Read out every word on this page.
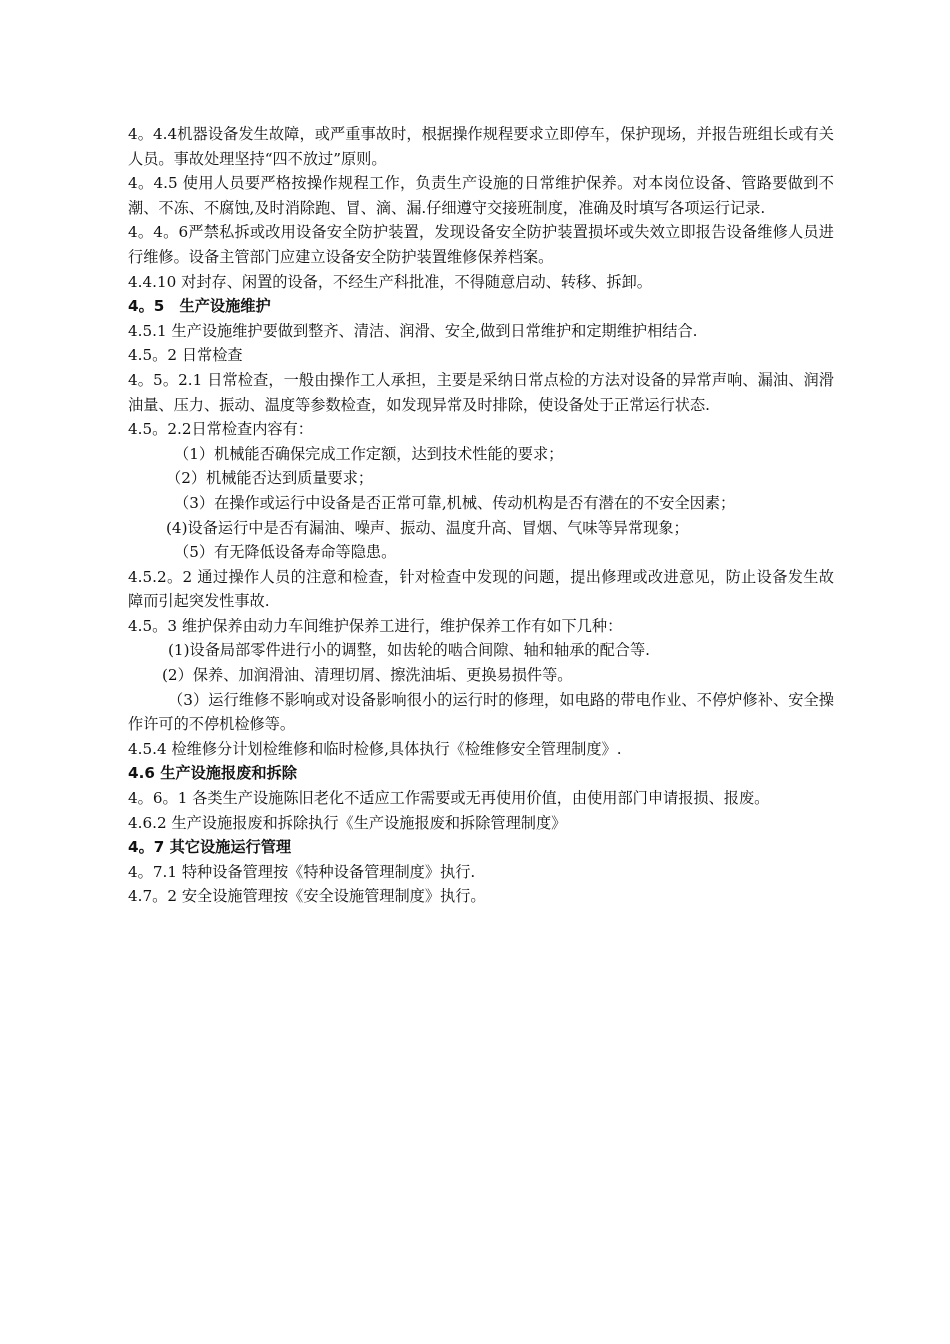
4。4.4机器设备发生故障，或严重事故时，根据操作规程要求立即停车，保护现场，并报告班组长或有关人员。事故处理坚持“四不放过”原则。

4。4.5 使用人员要严格按操作规程工作，负责生产设施的日常维护保养。对本岗位设备、管路要做到不潮、不冻、不腐蚀,及时消除跑、冒、滴、漏.仔细遵守交接班制度，准确及时填写各项运行记录.

4。4。6严禁私拆或改用设备安全防护装置，发现设备安全防护装置损坏或失效立即报告设备维修人员进行维修。设备主管部门应建立设备安全防护装置维修保养档案。

4.4.10 对封存、闲置的设备，不经生产科批准，不得随意启动、转移、拆卸。

4。5　生产设施维护

4.5.1 生产设施维护要做到整齐、清洁、润滑、安全,做到日常维护和定期维护相结合.

4.5。2 日常检查

4。5。2.1 日常检查，一般由操作工人承担，主要是采纳日常点检的方法对设备的异常声响、漏油、润滑油量、压力、振动、温度等参数检查，如发现异常及时排除，使设备处于正常运行状态.

4.5。2.2日常检查内容有：

（1）机械能否确保完成工作定额，达到技术性能的要求；

（2）机械能否达到质量要求；

（3）在操作或运行中设备是否正常可靠,机械、传动机构是否有潜在的不安全因素；

(4)设备运行中是否有漏油、噪声、振动、温度升高、冒烟、气味等异常现象；

（5）有无降低设备寿命等隐患。

4.5.2。2 通过操作人员的注意和检查，针对检查中发现的问题，提出修理或改进意见，防止设备发生故障而引起突发性事故.

4.5。3 维护保养由动力车间维护保养工进行，维护保养工作有如下几种：

(1)设备局部零件进行小的调整，如齿轮的啮合间隙、轴和轴承的配合等.

(2）保养、加润滑油、清理切屑、擦洗油垢、更换易损件等。

（3）运行维修不影响或对设备影响很小的运行时的修理，如电路的带电作业、不停炉修补、安全操作许可的不停机检修等。

4.5.4 检维修分计划检维修和临时检修,具体执行《检维修安全管理制度》.

4.6 生产设施报废和拆除

4。6。1 各类生产设施陈旧老化不适应工作需要或无再使用价值，由使用部门申请报损、报废。

4.6.2 生产设施报废和拆除执行《生产设施报废和拆除管理制度》

4。7 其它设施运行管理

4。7.1 特种设备管理按《特种设备管理制度》执行.

4.7。2 安全设施管理按《安全设施管理制度》执行。
